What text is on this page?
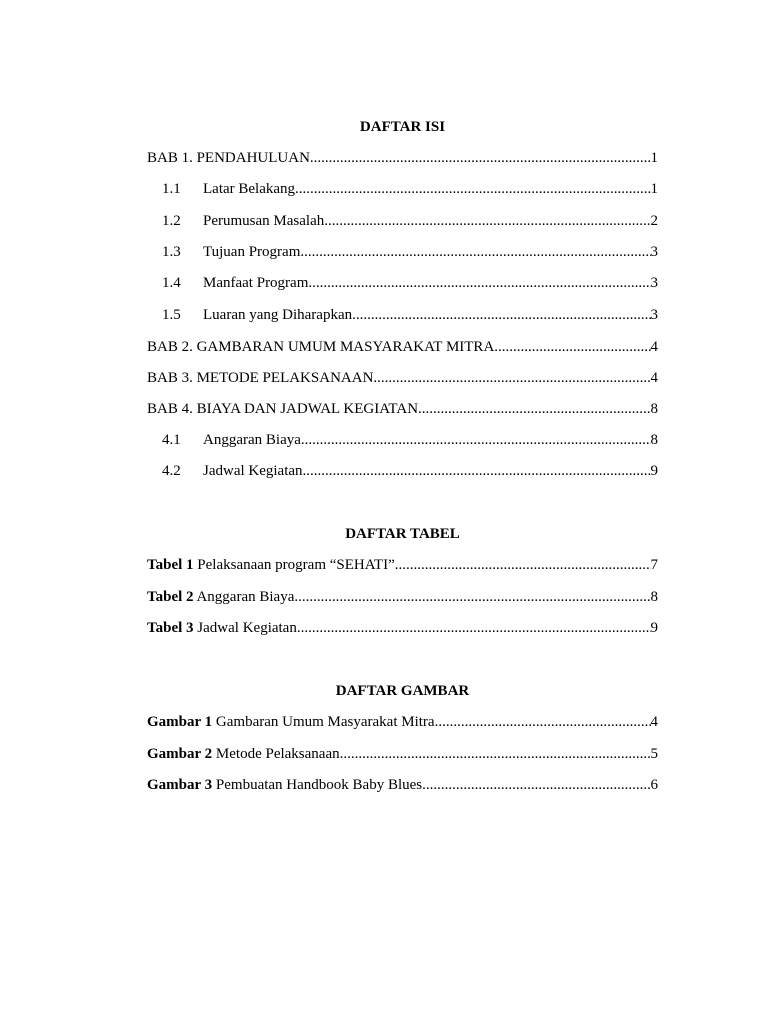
DAFTAR ISI
BAB 1. PENDAHULUAN .....	1
1.1	Latar Belakang .....	1
1.2	Perumusan Masalah .....	2
1.3	Tujuan Program .....	3
1.4	Manfaat Program .....	3
1.5	Luaran yang Diharapkan .....	3
BAB 2. GAMBARAN UMUM MASYARAKAT MITRA .....	4
BAB 3. METODE PELAKSANAAN .....	4
BAB 4. BIAYA DAN JADWAL KEGIATAN .....	8
4.1	Anggaran Biaya .....	8
4.2	Jadwal Kegiatan .....	9
DAFTAR TABEL
Tabel 1 Pelaksanaan program “SEHATI” .....	7
Tabel 2 Anggaran Biaya .....	8
Tabel 3 Jadwal Kegiatan .....	9
DAFTAR GAMBAR
Gambar 1 Gambaran Umum Masyarakat Mitra .....	4
Gambar 2 Metode Pelaksanaan .....	5
Gambar 3 Pembuatan Handbook Baby Blues .....	6
